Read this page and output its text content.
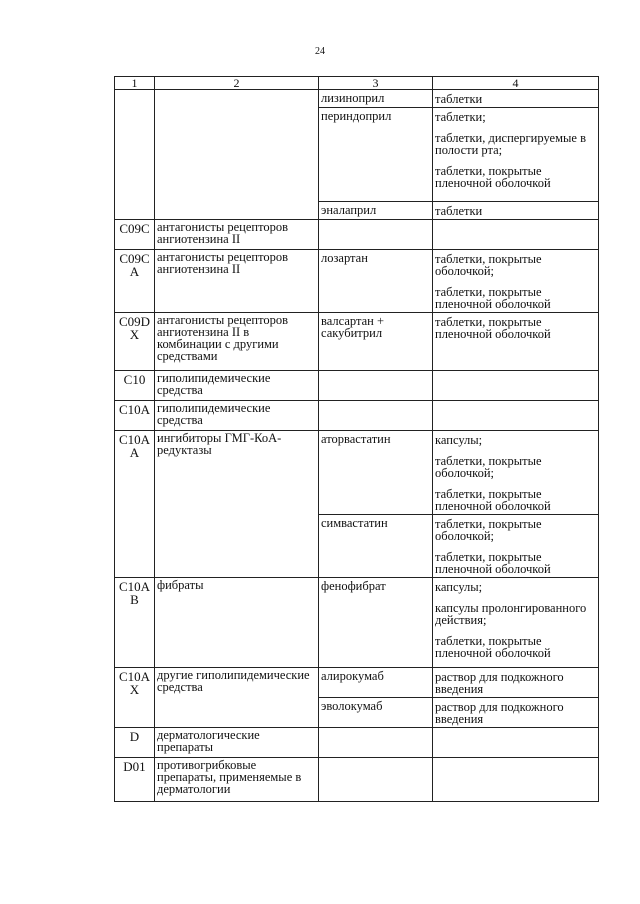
24
1	2	3	4

		лизиноприл	таблетки

		периндоприл	таблетки;
таблетки, диспергируемые в полости рта;
таблетки, покрытые пленочной оболочкой

		эналаприл	таблетки

C09C	антагонисты рецепторов ангиотензина II	

C09C A	антагонисты рецепторов ангиотензина II	лозартан	таблетки, покрытые оболочкой;
таблетки, покрытые пленочной оболочкой

C09D X	антагонисты рецепторов ангиотензина II в комбинации с другими средствами	валсартан + сакубитрил	таблетки, покрытые пленочной оболочкой

C10	гиполипидемические средства	

C10A	гиполипидемические средства	

C10A A	ингибиторы ГМГ-КоА-редуктазы	аторвастатин	капсулы;
таблетки, покрытые оболочкой;
таблетки, покрытые пленочной оболочкой

		симвастатин	таблетки, покрытые оболочкой;
таблетки, покрытые пленочной оболочкой

C10A B	фибраты	фенофибрат	капсулы;
капсулы пролонгированного действия;
таблетки, покрытые пленочной оболочкой

C10A X	другие гиполипидемические средства	алирокумаб	раствор для подкожного введения

		эволокумаб	раствор для подкожного введения

D	дерматологические препараты	

D01	противогрибковые препараты, применяемые в дерматологии	
